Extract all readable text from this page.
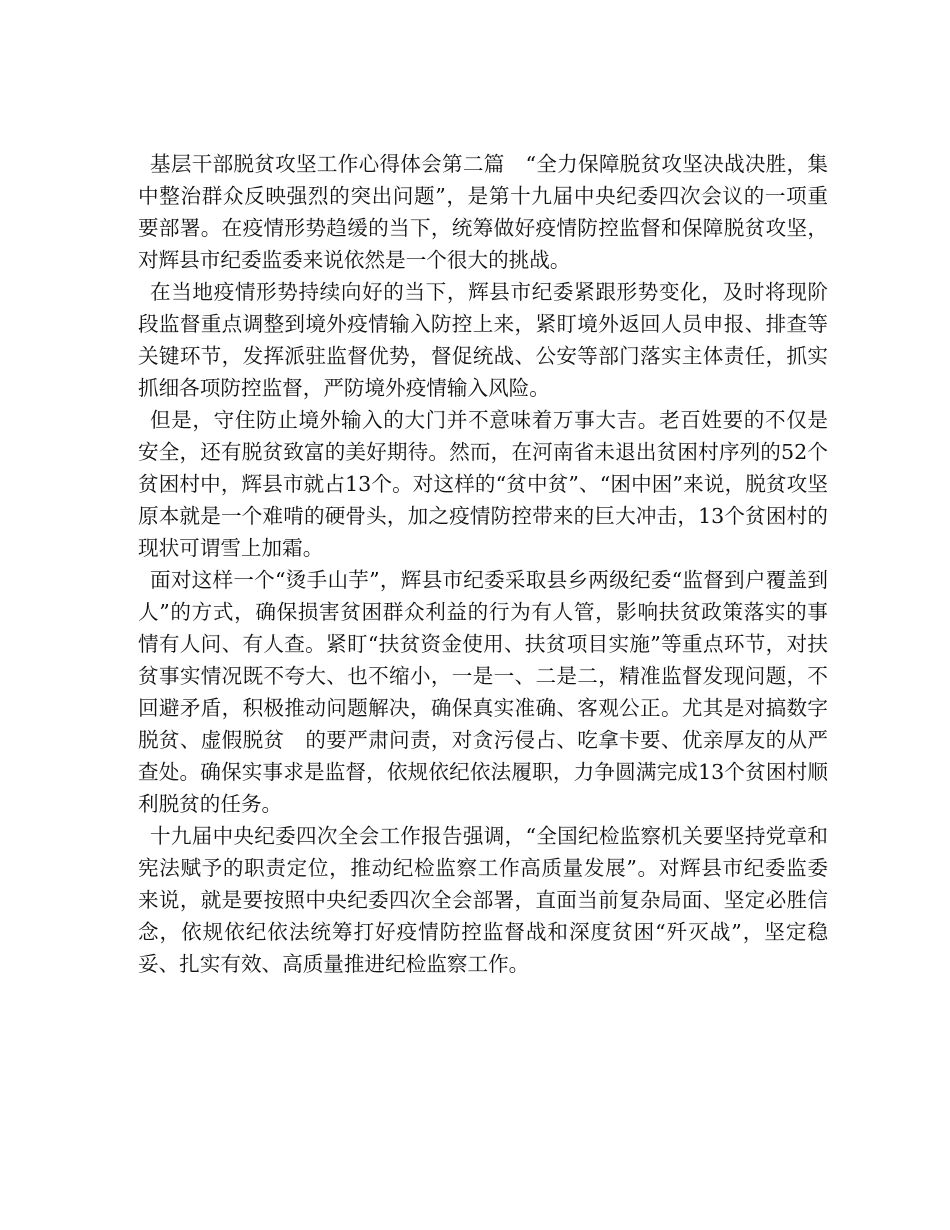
基层干部脱贫攻坚工作心得体会第二篇　“全力保障脱贫攻坚决战决胜，集中整治群众反映强烈的突出问题”，是第十九届中央纪委四次会议的一项重要部署。在疫情形势趋缓的当下，统筹做好疫情防控监督和保障脱贫攻坚，对辉县市纪委监委来说依然是一个很大的挑战。

在当地疫情形势持续向好的当下，辉县市纪委紧跟形势变化，及时将现阶段监督重点调整到境外疫情输入防控上来，紧盯境外返回人员申报、排查等关键环节，发挥派驻监督优势，督促统战、公安等部门落实主体责任，抓实抓细各项防控监督，严防境外疫情输入风险。

但是，守住防止境外输入的大门并不意味着万事大吉。老百姓要的不仅是安全，还有脱贫致富的美好期待。然而，在河南省未退出贫困村序列的52个贫困村中，辉县市就占13个。对这样的“贫中贫”、“困中困”来说，脱贫攻坚原本就是一个难啃的硬骨头，加之疫情防控带来的巨大冲击，13个贫困村的现状可谓雪上加霜。

面对这样一个“烫手山芋”，辉县市纪委采取县乡两级纪委“监督到户覆盖到人”的方式，确保损害贫困群众利益的行为有人管，影响扶贫政策落实的事情有人问、有人查。紧盯“扶贫资金使用、扶贫项目实施”等重点环节，对扶贫事实情况既不夸大、也不缩小，一是一、二是二，精准监督发现问题，不回避矛盾，积极推动问题解决，确保真实准确、客观公正。尤其是对搞数字脱贫、虚假脱贫　的要严肃问责，对贪污侵占、吃拿卡要、优亲厚友的从严查处。确保实事求是监督，依规依纪依法履职，力争圆满完成13个贫困村顺利脱贫的任务。

十九届中央纪委四次全会工作报告强调，“全国纪检监察机关要坚持党章和宪法赋予的职责定位，推动纪检监察工作高质量发展”。对辉县市纪委监委来说，就是要按照中央纪委四次全会部署，直面当前复杂局面、坚定必胜信念，依规依纪依法统筹打好疫情防控监督战和深度贫困“歼灭战”，坚定稳妥、扎实有效、高质量推进纪检监察工作。
